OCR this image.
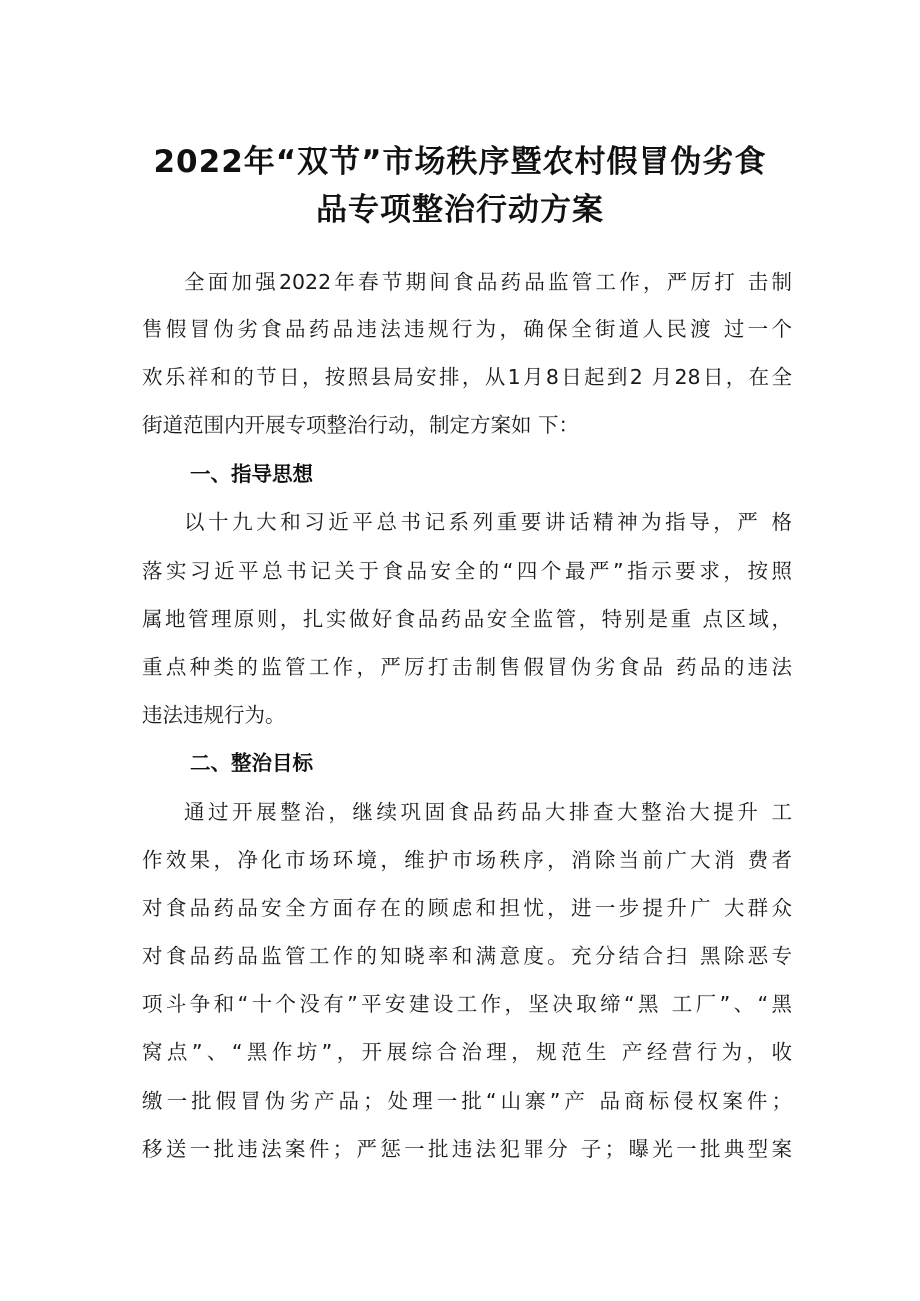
2022年“双节”市场秩序暨农村假冒伪劣食
品专项整治行动方案
全面加强2022年春节期间食品药品监管工作，严厉打 击制
售假冒伪劣食品药品违法违规行为，确保全街道人民渡 过一个
欢乐祥和的节日，按照县局安排，从1月8日起到2 月28日，在全
街道范围内开展专项整治行动，制定方案如 下：
一、指导思想
以十九大和习近平总书记系列重要讲话精神为指导，严 格
落实习近平总书记关于食品安全的“四个最严”指示要求，按照
属地管理原则，扎实做好食品药品安全监管，特别是重 点区域，
重点种类的监管工作，严厉打击制售假冒伪劣食品 药品的违法
违法违规行为。
二、整治目标
通过开展整治，继续巩固食品药品大排查大整治大提升 工
作效果，净化市场环境，维护市场秩序，消除当前广大消 费者
对食品药品安全方面存在的顾虑和担忧，进一步提升广 大群众
对食品药品监管工作的知晓率和满意度。充分结合扫 黑除恶专
项斗争和“十个没有”平安建设工作，坚决取缔“黑 工厂”、“黑
窝点”、“黑作坊”，开展综合治理，规范生 产经营行为，收
缴一批假冒伪劣产品；处理一批“山寨”产 品商标侵权案件；
移送一批违法案件；严惩一批违法犯罪分 子；曝光一批典型案
